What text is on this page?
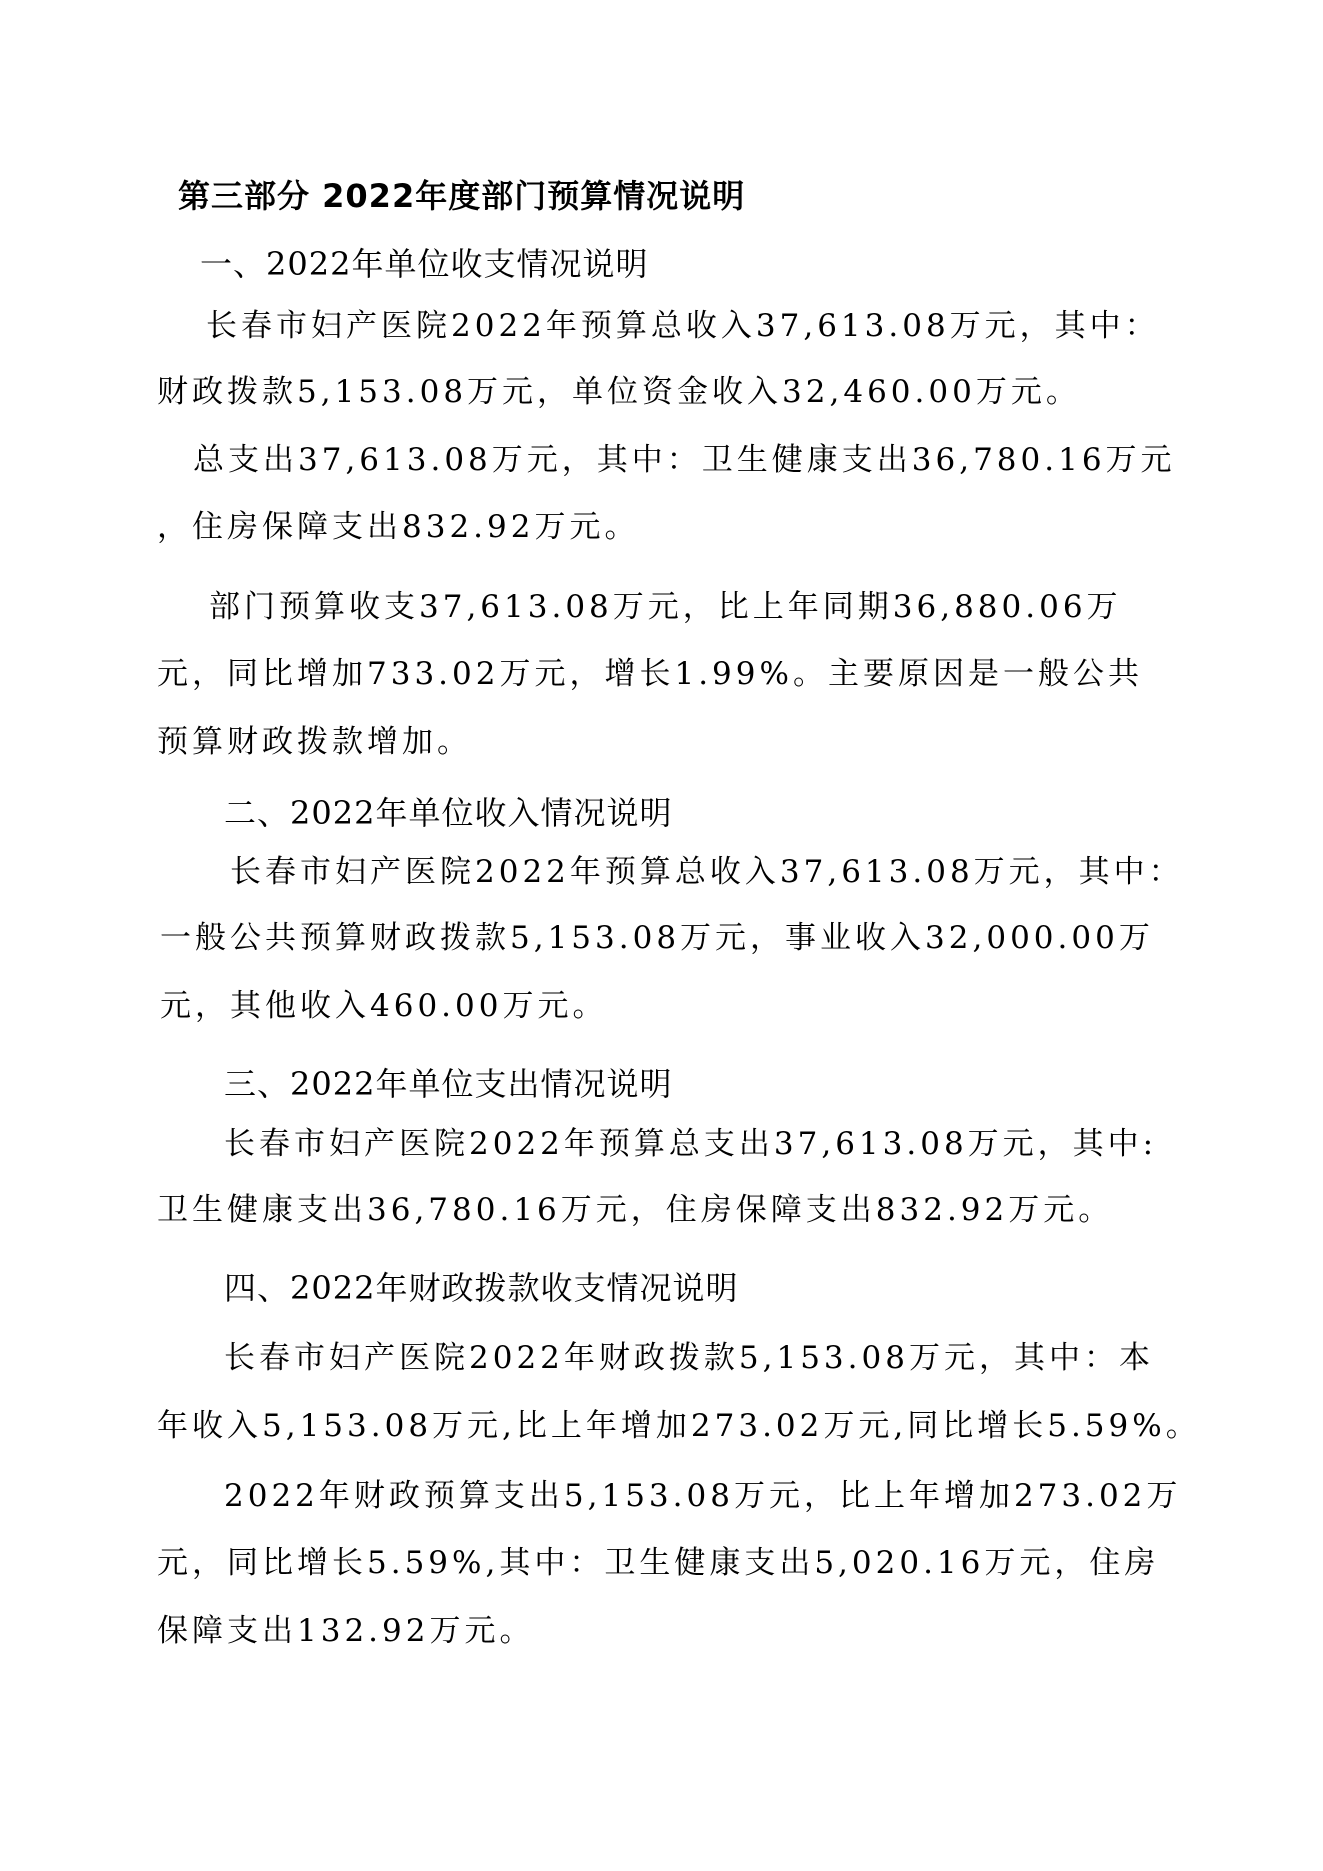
第三部分 2022年度部门预算情况说明
一、2022年单位收支情况说明
长春市妇产医院2022年预算总收入37,613.08万元，其中：
财政拨款5,153.08万元，单位资金收入32,460.00万元。
总支出37,613.08万元，其中：卫生健康支出36,780.16万元
，住房保障支出832.92万元。
部门预算收支37,613.08万元，比上年同期36,880.06万
元，同比增加733.02万元，增长1.99%。主要原因是一般公共
预算财政拨款增加。
二、2022年单位收入情况说明
长春市妇产医院2022年预算总收入37,613.08万元，其中：
一般公共预算财政拨款5,153.08万元，事业收入32,000.00万
元，其他收入460.00万元。
三、2022年单位支出情况说明
长春市妇产医院2022年预算总支出37,613.08万元，其中:
卫生健康支出36,780.16万元，住房保障支出832.92万元。
四、2022年财政拨款收支情况说明
长春市妇产医院2022年财政拨款5,153.08万元，其中：本
年收入5,153.08万元,比上年增加273.02万元,同比增长5.59%。
2022年财政预算支出5,153.08万元，比上年增加273.02万
元，同比增长5.59%,其中：卫生健康支出5,020.16万元，住房
保障支出132.92万元。
